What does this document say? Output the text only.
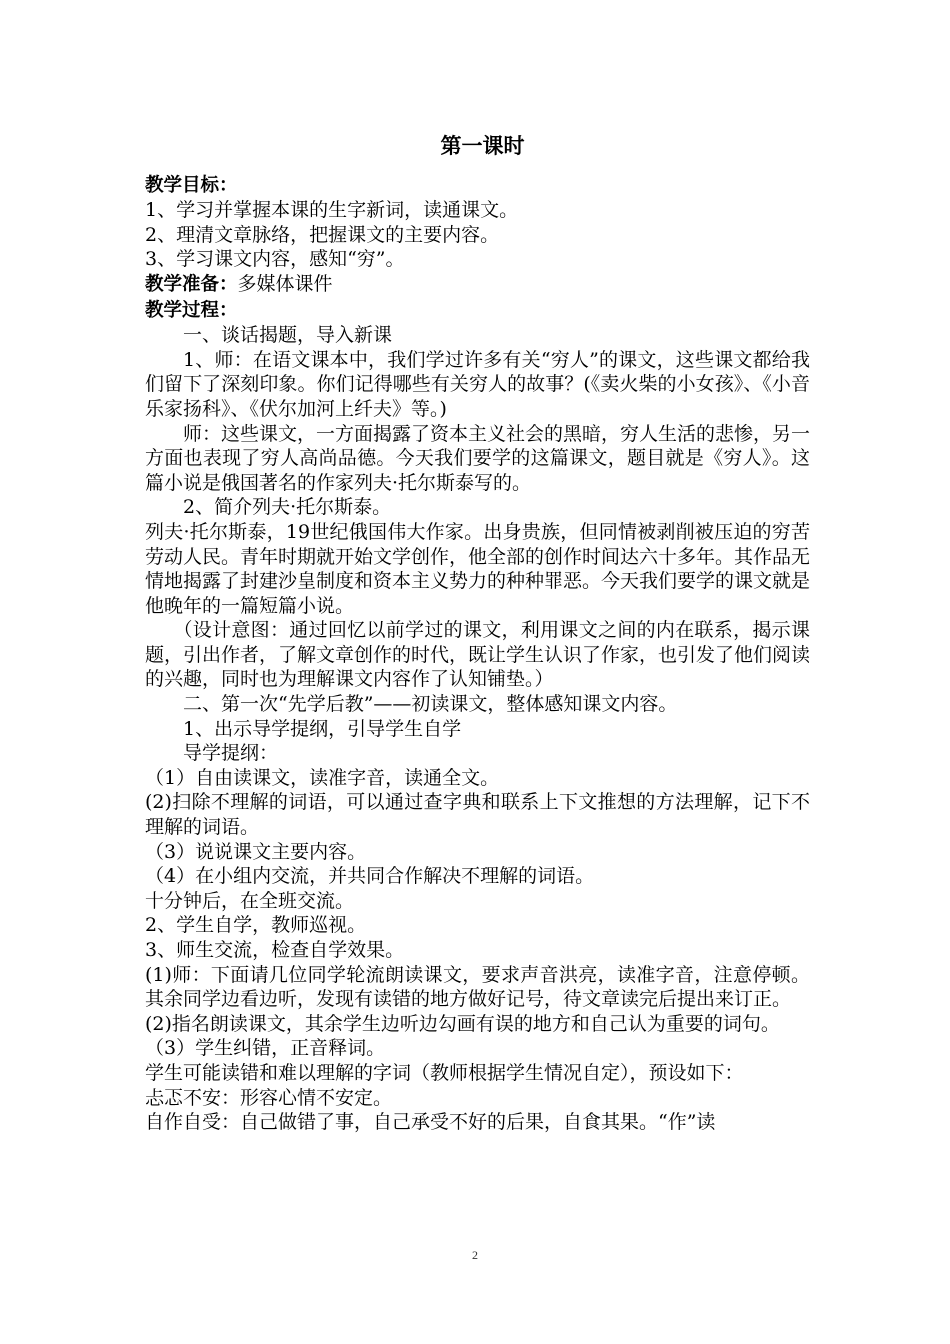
第一课时
教学目标：
1、学习并掌握本课的生字新词，读通课文。
2、理清文章脉络，把握课文的主要内容。
3、学习课文内容，感知“穷”。
教学准备：多媒体课件
教学过程：
一、谈话揭题，导入新课
1、师：在语文课本中，我们学过许多有关“穷人”的课文，这些课文都给我们留下了深刻印象。你们记得哪些有关穷人的故事？(《卖火柴的小女孩》、《小音乐家扬科》、《伏尔加河上纤夫》等。)
师：这些课文，一方面揭露了资本主义社会的黑暗，穷人生活的悲惨，另一方面也表现了穷人高尚品德。今天我们要学的这篇课文，题目就是《穷人》。这篇小说是俄国著名的作家列夫·托尔斯泰写的。
2、简介列夫·托尔斯泰。
列夫·托尔斯泰，19世纪俄国伟大作家。出身贵族，但同情被剥削被压迫的穷苦劳动人民。青年时期就开始文学创作，他全部的创作时间达六十多年。其作品无情地揭露了封建沙皇制度和资本主义势力的种种罪恶。今天我们要学的课文就是他晚年的一篇短篇小说。
（设计意图：通过回忆以前学过的课文，利用课文之间的内在联系，揭示课题，引出作者，了解文章创作的时代，既让学生认识了作家，也引发了他们阅读的兴趣，同时也为理解课文内容作了认知铺垫。）
二、第一次“先学后教”——初读课文，整体感知课文内容。
1、出示导学提纲，引导学生自学
导学提纲：
（1）自由读课文，读准字音，读通全文。
(2)扫除不理解的词语，可以通过查字典和联系上下文推想的方法理解，记下不理解的词语。
（3）说说课文主要内容。
（4）在小组内交流，并共同合作解决不理解的词语。
十分钟后，在全班交流。
2、学生自学，教师巡视。
3、师生交流，检查自学效果。
(1)师：下面请几位同学轮流朗读课文，要求声音洪亮，读准字音，注意停顿。其余同学边看边听，发现有读错的地方做好记号，待文章读完后提出来订正。
(2)指名朗读课文，其余学生边听边勾画有误的地方和自己认为重要的词句。
（3）学生纠错，正音释词。
学生可能读错和难以理解的字词（教师根据学生情况自定），预设如下：
忐忑不安：形容心情不安定。
自作自受：自己做错了事，自己承受不好的后果，自食其果。“作”读
2
